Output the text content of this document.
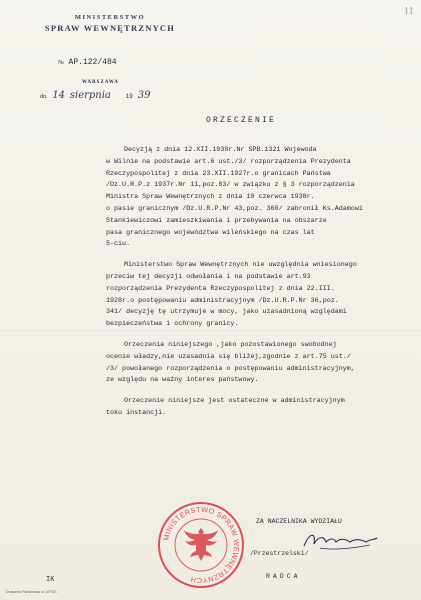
11
MINISTERSTWO
SPRAW WEWNĘTRZNYCH
№ AP.122/484
WARSZAWA
dn. 14 sierpnia 19 39
ORZECZENIE

Decyzją z dnia 12.XII.1938r.Nr SPB.1321 Wojewoda
w Wilnie na podstawie art.6 ust./3/ rozporządzenia Prezydenta
Rzeczypospolitej z dnia 23.XII.1927r.o granicach Państwa
/Dz.U.R.P.z 1937r.Nr 11,poz.83/ w związku z § 3 rozporządzenia
Ministra Spraw Wewnętrznych z dnia 10 czerwca 1938r.
o pasie granicznym /Dz.U.R.P.Nr 43,poz. 360/ zabronił Ks.Adamowi
Stankiewiczowi zamieszkiwania i przebywania na obszarze
pasa granicznego województwa wileńskiego na czas lat
5-ciu.

Ministerstwo Spraw Wewnętrznych nie uwzględnia wniesionego
przeciw tej decyzji odwołania i na podstawie art.93
rozporządzenia Prezydenta Rzeczypospolitej z dnia 22.III.
1928r.o postępowaniu administracyjnym /Dz.U.R.P.Nr 36,poz.
341/ decyzję tę utrzymuje w mocy, jako uzasadnioną względami
bezpieczeństwa i ochrony granicy.

Orzeczenia niniejszego ,jako pozostawionego swobodnej
ocenie władzy,nie uzasadnia się bliżej,zgodnie z art.75 ust./
/3/ powołanego rozporządzenia o postępowaniu administracyjnym,
ze względu na ważny interes państwowy.

Orzeczenie niniejsze jest ostateczne w administracyjnym
toku instancji.

MINISTERSTWO SPRAW WEWNĘTRZNYCH
ZA NACZELNIKA WYDZIAŁU
/Przestrzelski/
RADCA
IK
Drukarnia Państwowa nr 107921
